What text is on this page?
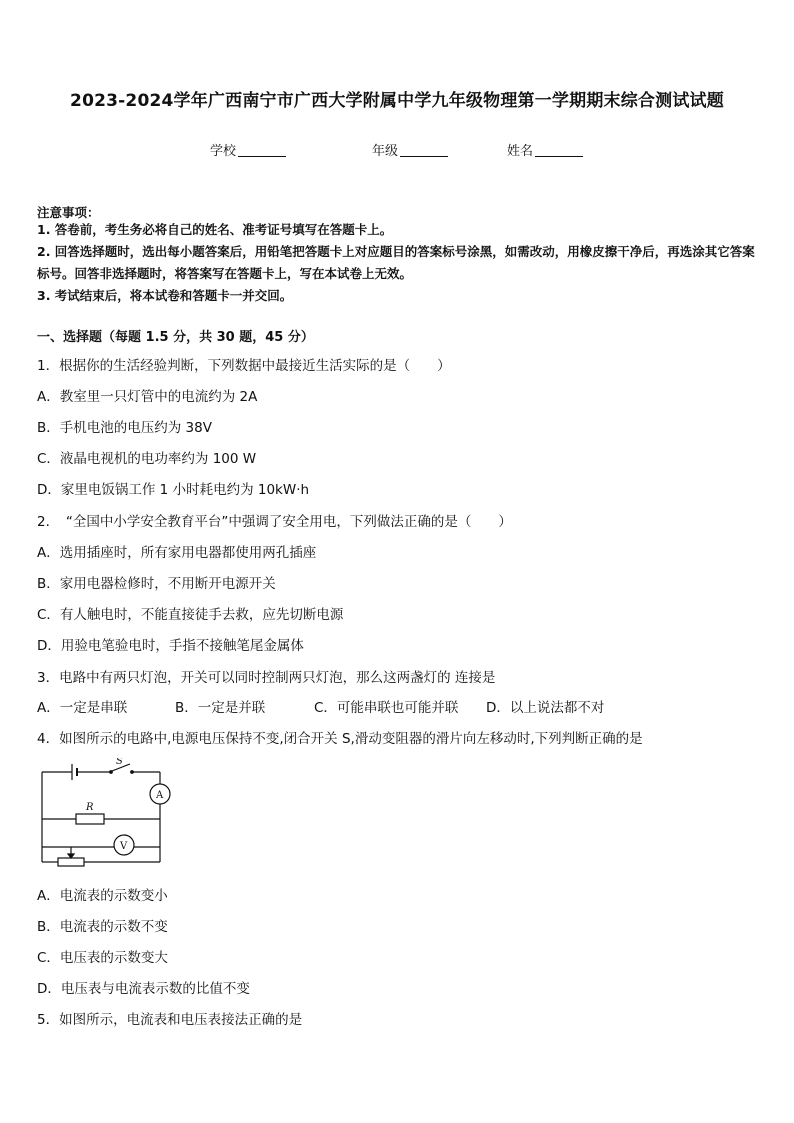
2023-2024学年广西南宁市广西大学附属中学九年级物理第一学期期末综合测试试题
学校	年级	姓名
注意事项：
1. 答卷前，考生务必将自己的姓名、准考证号填写在答题卡上。
2. 回答选择题时，选出每小题答案后，用铅笔把答题卡上对应题目的答案标号涂黑，如需改动，用橡皮擦干净后，再选涂其它答案标号。回答非选择题时，将答案写在答题卡上，写在本试卷上无效。
3. 考试结束后，将本试卷和答题卡一并交回。
一、选择题（每题 1.5 分，共 30 题，45 分）
1．根据你的生活经验判断，下列数据中最接近生活实际的是（　　）
A．教室里一只灯管中的电流约为 2A
B．手机电池的电压约为 38V
C．液晶电视机的电功率约为 100 W
D．家里电饭锅工作 1 小时耗电约为 10kW·h
2．　“全国中小学安全教育平台”中强调了安全用电，下列做法正确的是（　　）
A．选用插座时，所有家用电器都使用两孔插座
B．家用电器检修时，不用断开电源开关
C．有人触电时，不能直接徒手去救，应先切断电源
D．用验电笔验电时，手指不接触笔尾金属体
3．电路中有两只灯泡，开关可以同时控制两只灯泡，那么这两盏灯的 连接是
A．一定是串联	B．一定是并联	C．可能串联也可能并联 D．以上说法都不对
4．如图所示的电路中,电源电压保持不变,闭合开关 S,滑动变阻器的滑片向左移动时,下列判断正确的是
S
A
R
V
A．电流表的示数变小
B．电流表的示数不变
C．电压表的示数变大
D．电压表与电流表示数的比值不变
5．如图所示，电流表和电压表接法正确的是
